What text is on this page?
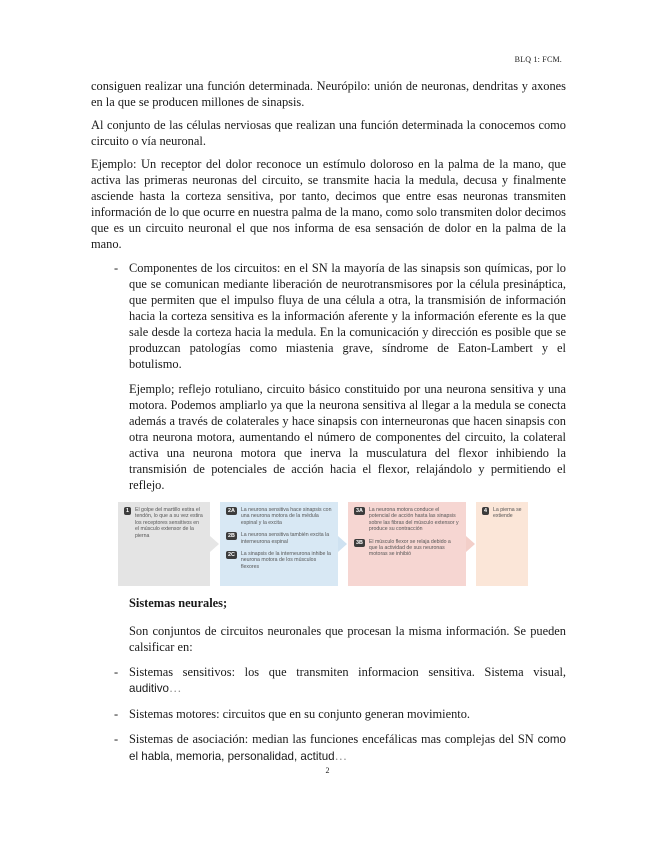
BLQ 1: FCM.

consiguen realizar una función determinada. Neurópilo: unión de neuronas, dendritas y axones en la que se producen millones de sinapsis.

Al conjunto de las células nerviosas que realizan una función determinada la conocemos como circuito o vía neuronal.

Ejemplo: Un receptor del dolor reconoce un estímulo doloroso en la palma de la mano, que activa las primeras neuronas del circuito, se transmite hacia la medula, decusa y finalmente asciende hasta la corteza sensitiva, por tanto, decimos que entre esas neuronas transmiten información de lo que ocurre en nuestra palma de la mano, como solo transmiten dolor decimos que es un circuito neuronal el que nos informa de esa sensación de dolor en la palma de la mano.

- Componentes de los circuitos: en el SN la mayoría de las sinapsis son químicas, por lo que se comunican mediante liberación de neurotransmisores por la célula presináptica, que permiten que el impulso fluya de una célula a otra, la transmisión de información hacia la corteza sensitiva es la información aferente y la información eferente es la que sale desde la corteza hacia la medula. En la comunicación y dirección es posible que se produzcan patologías como miastenia grave, síndrome de Eaton-Lambert y el botulismo.

Ejemplo; reflejo rotuliano, circuito básico constituido por una neurona sensitiva y una motora. Podemos ampliarlo ya que la neurona sensitiva al llegar a la medula se conecta además a través de colaterales y hace sinapsis con interneuronas que hacen sinapsis con otra neurona motora, aumentando el número de componentes del circuito, la colateral activa una neurona motora que inerva la musculatura del flexor inhibiendo la transmisión de potenciales de acción hacia el flexor, relajándolo y permitiendo el reflejo.

1	El golpe del martillo estira el tendón, lo que a su vez estira los receptores sensitivos en el músculo extensor de la pierna
2A	La neurona sensitiva hace sinapsis con una neurona motora de la médula espinal y la excita
2B	La neurona sensitiva también excita la interneurona espinal
2C	La sinapsis de la interneurona inhibe la neurona motora de los músculos flexores
3A	La neurona motora conduce el potencial de acción hasta las sinapsis sobre las fibras del músculo extensor y produce su contracción
3B	El músculo flexor se relaja debido a que la actividad de sus neuronas motoras se inhibió
4	La pierna se extiende

Sistemas neurales;

Son conjuntos de circuitos neuronales que procesan la misma información. Se pueden calsificar en:

- Sistemas sensitivos: los que transmiten informacion sensitiva. Sistema visual, auditivo…

- Sistemas motores: circuitos que en su conjunto generan movimiento.

- Sistemas de asociación: median las funciones encefálicas mas complejas del SN como el habla, memoria, personalidad, actitud…

2
